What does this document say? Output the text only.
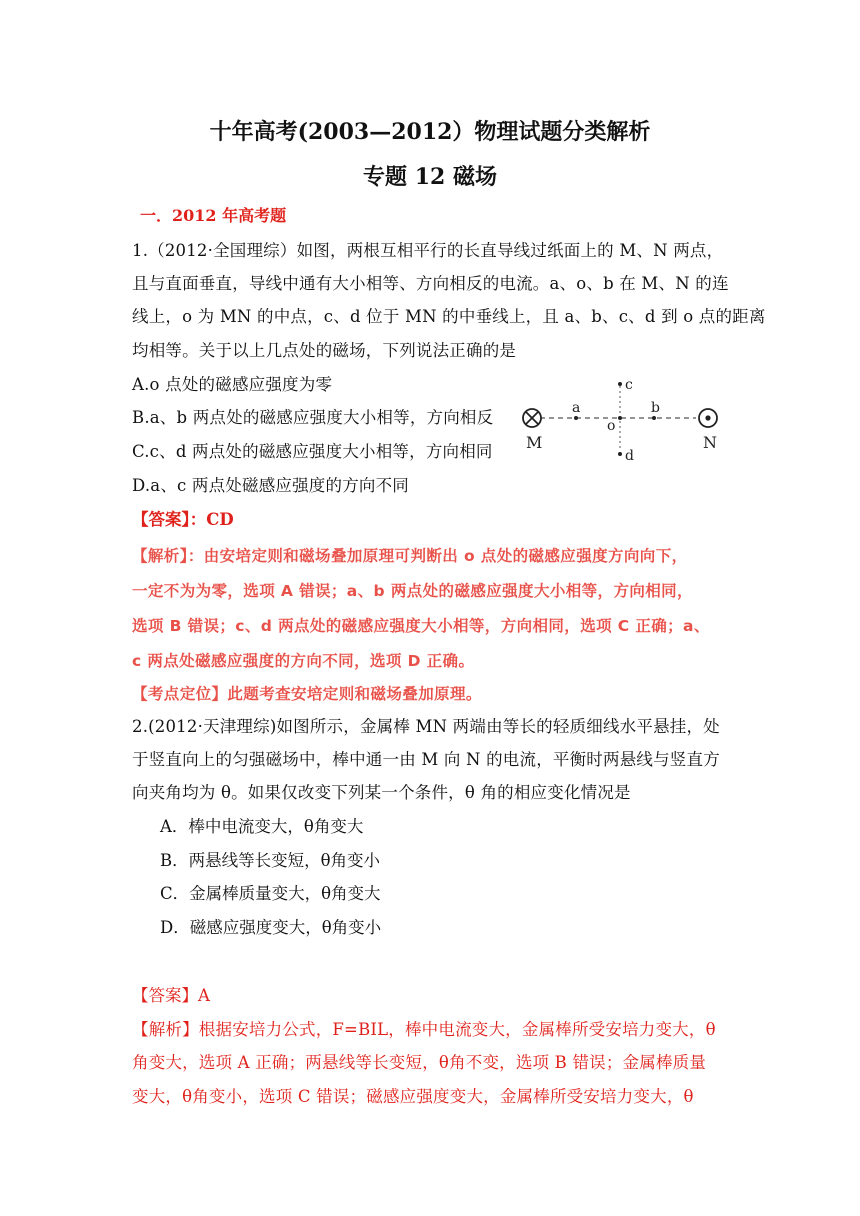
十年高考(2003—2012）物理试题分类解析
专题 12 磁场
一．2012 年高考题
1.（2012·全国理综）如图，两根互相平行的长直导线过纸面上的 M、N 两点，
且与直面垂直，导线中通有大小相等、方向相反的电流。a、o、b 在 M、N 的连
线上，o 为 MN 的中点，c、d 位于 MN 的中垂线上，且 a、b、c、d 到 o 点的距离
均相等。关于以上几点处的磁场，下列说法正确的是
A.o 点处的磁感应强度为零
B.a、b 两点处的磁感应强度大小相等，方向相反
C.c、d 两点处的磁感应强度大小相等，方向相同
D.a、c 两点处磁感应强度的方向不同
M	N
a	b
c
d
o
【答案】：CD
【解析】：由安培定则和磁场叠加原理可判断出 o 点处的磁感应强度方向向下，
一定不为为零，选项 A 错误；a、b 两点处的磁感应强度大小相等，方向相同，
选项 B 错误；c、d 两点处的磁感应强度大小相等，方向相同，选项 C 正确；a、
c 两点处磁感应强度的方向不同，选项 D 正确。
【考点定位】此题考查安培定则和磁场叠加原理。
2.(2012·天津理综)如图所示，金属棒 MN 两端由等长的轻质细线水平悬挂，处
于竖直向上的匀强磁场中，棒中通一由 M 向 N 的电流，平衡时两悬线与竖直方
向夹角均为 θ。如果仅改变下列某一个条件，θ 角的相应变化情况是
A．棒中电流变大，θ角变大
B．两悬线等长变短，θ角变小
C．金属棒质量变大，θ角变大
D．磁感应强度变大，θ角变小
【答案】A
【解析】根据安培力公式，F=BIL，棒中电流变大，金属棒所受安培力变大，θ
角变大，选项 A 正确；两悬线等长变短，θ角不变，选项 B 错误；金属棒质量
变大，θ角变小，选项 C 错误；磁感应强度变大，金属棒所受安培力变大，θ
